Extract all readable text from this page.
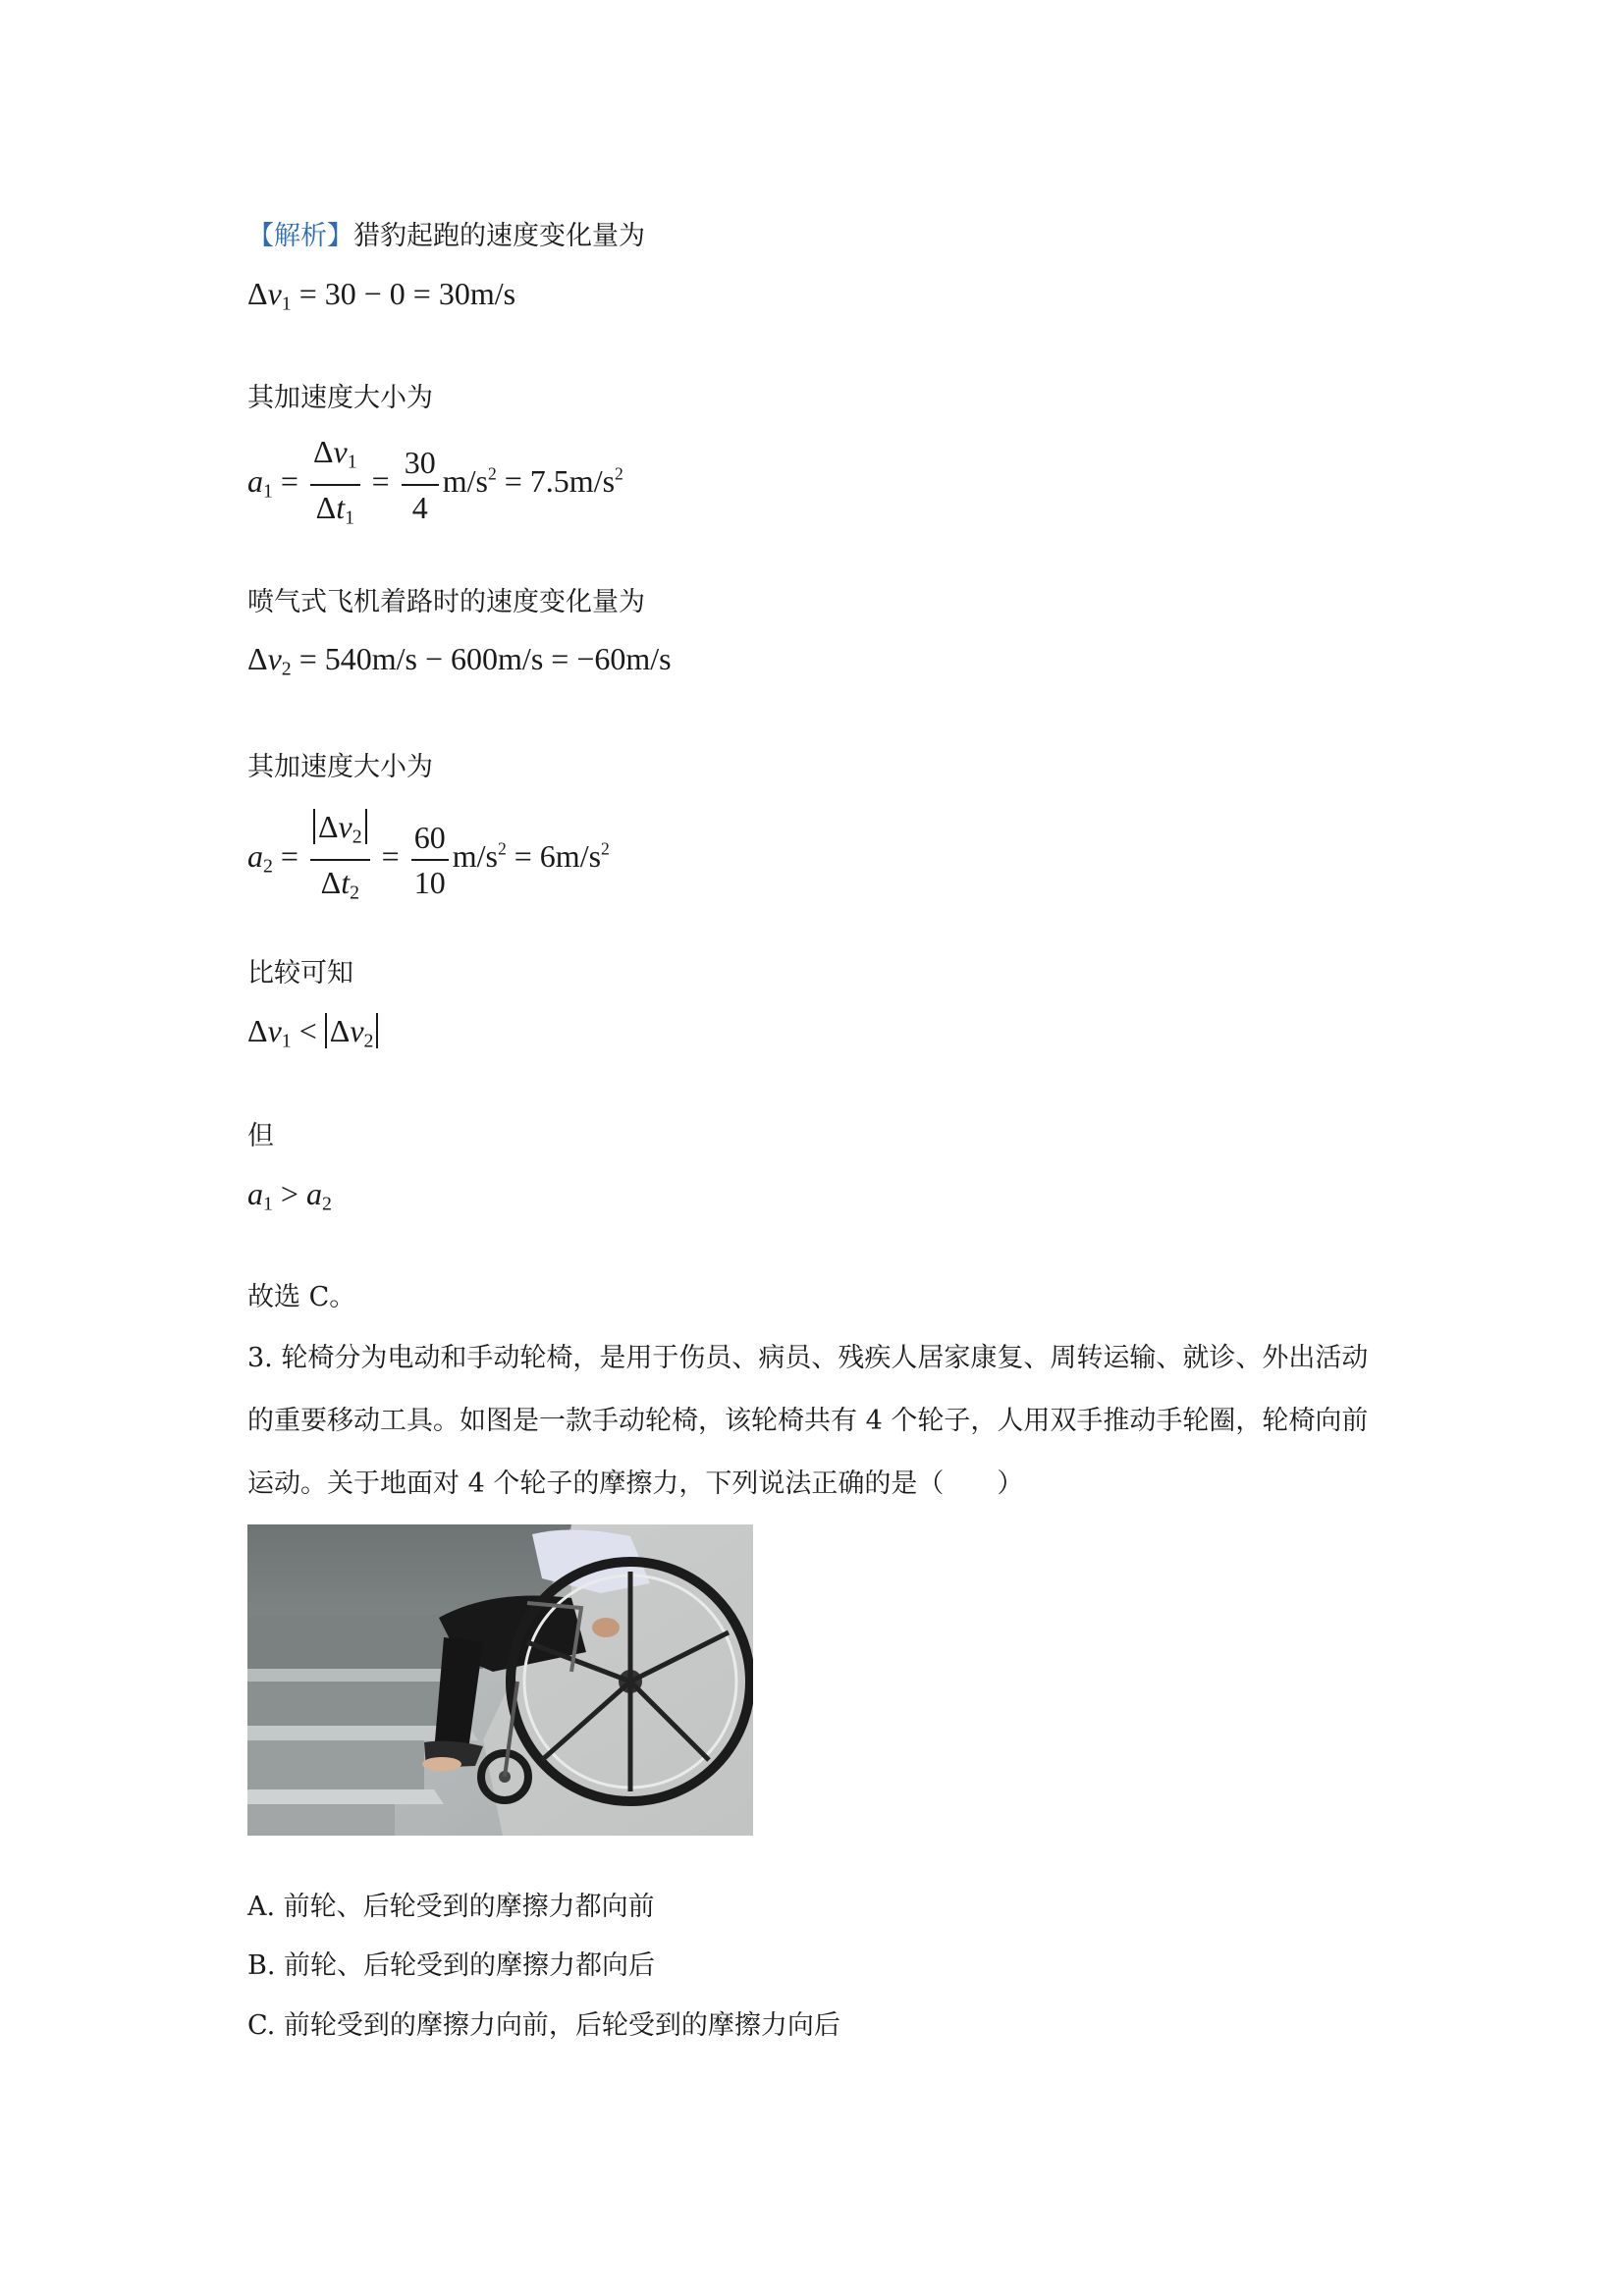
【解析】猎豹起跑的速度变化量为
$\Delta v_1 = 30 - 0 = 30m/s$
其加速度大小为
$a_1 = \frac{\Delta v_1}{\Delta t_1} = \frac{30}{4} m/s^2 = 7.5m/s^2$
喷气式飞机着路时的速度变化量为
$\Delta v_2 = 540m/s - 600m/s = -60m/s$
其加速度大小为
$a_2 = \frac{\Delta v_2}{\Delta t_2} = \frac{60}{10} m/s^2 = 6m/s^2$
比较可知
$\Delta v_1 < \Delta v_2$
但
$a_1 > a_2$
故选 C。
3. 轮椅分为电动和手动轮椅，是用于伤员、病员、残疾人居家康复、周转运输、就诊、外出活动的重要移动工具。如图是一款手动轮椅，该轮椅共有 4 个轮子，人用双手推动手轮圈，轮椅向前运动。关于地面对 4 个轮子的摩擦力，下列说法正确的是（　　）
A. 前轮、后轮受到的摩擦力都向前
B. 前轮、后轮受到的摩擦力都向后
C. 前轮受到的摩擦力向前，后轮受到的摩擦力向后
